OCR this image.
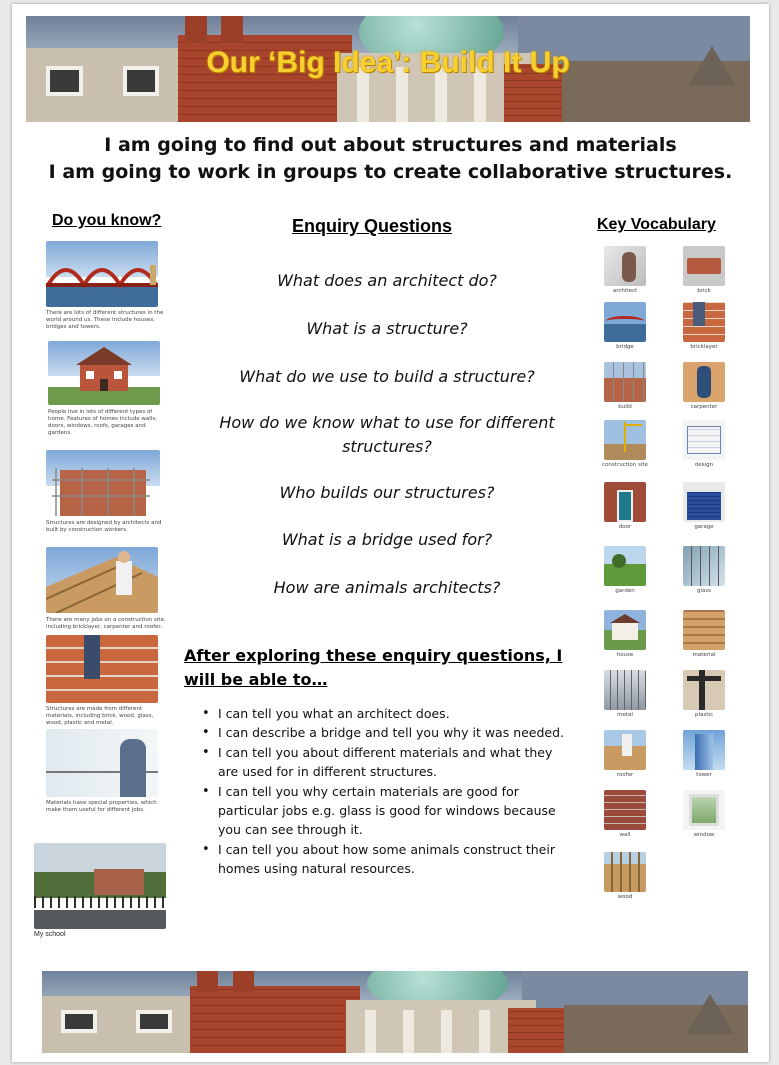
Our ‘Big Idea’: Build It Up
I am going to find out about structures and materials
I am going to work in groups to create collaborative structures.
Do you know?
There are lots of different structures in the world around us. These include houses, bridges and towers.
People live in lots of different types of home. Features of homes include walls, doors, windows, roofs, garages and gardens.
Structures are designed by architects and built by construction workers.
There are many jobs on a construction site, including bricklayer, carpenter and roofer.
Structures are made from different materials, including brick, wood, glass, wood, plastic and metal.
Materials have special properties, which make them useful for different jobs.
My school
Enquiry Questions
What does an architect do?
What is a structure?
What do we use to build a structure?
How do we know what to use for different structures?
Who builds our structures?
What is a bridge used for?
How are animals architects?
After exploring these enquiry questions, I will be able to…
• I can tell you what an architect does.
• I can describe a bridge and tell you why it was needed.
• I can tell you about different materials and what they are used for in different structures.
• I can tell you why certain materials are good for particular jobs e.g. glass is good for windows because you can see through it.
• I can tell you about how some animals construct their homes using natural resources.
Key Vocabulary
architect	brick
bridge	bricklayer
build	carpenter
construction site	design
door	garage
garden	glass
house	material
metal	plastic
roofer	tower
wall	window
wood
